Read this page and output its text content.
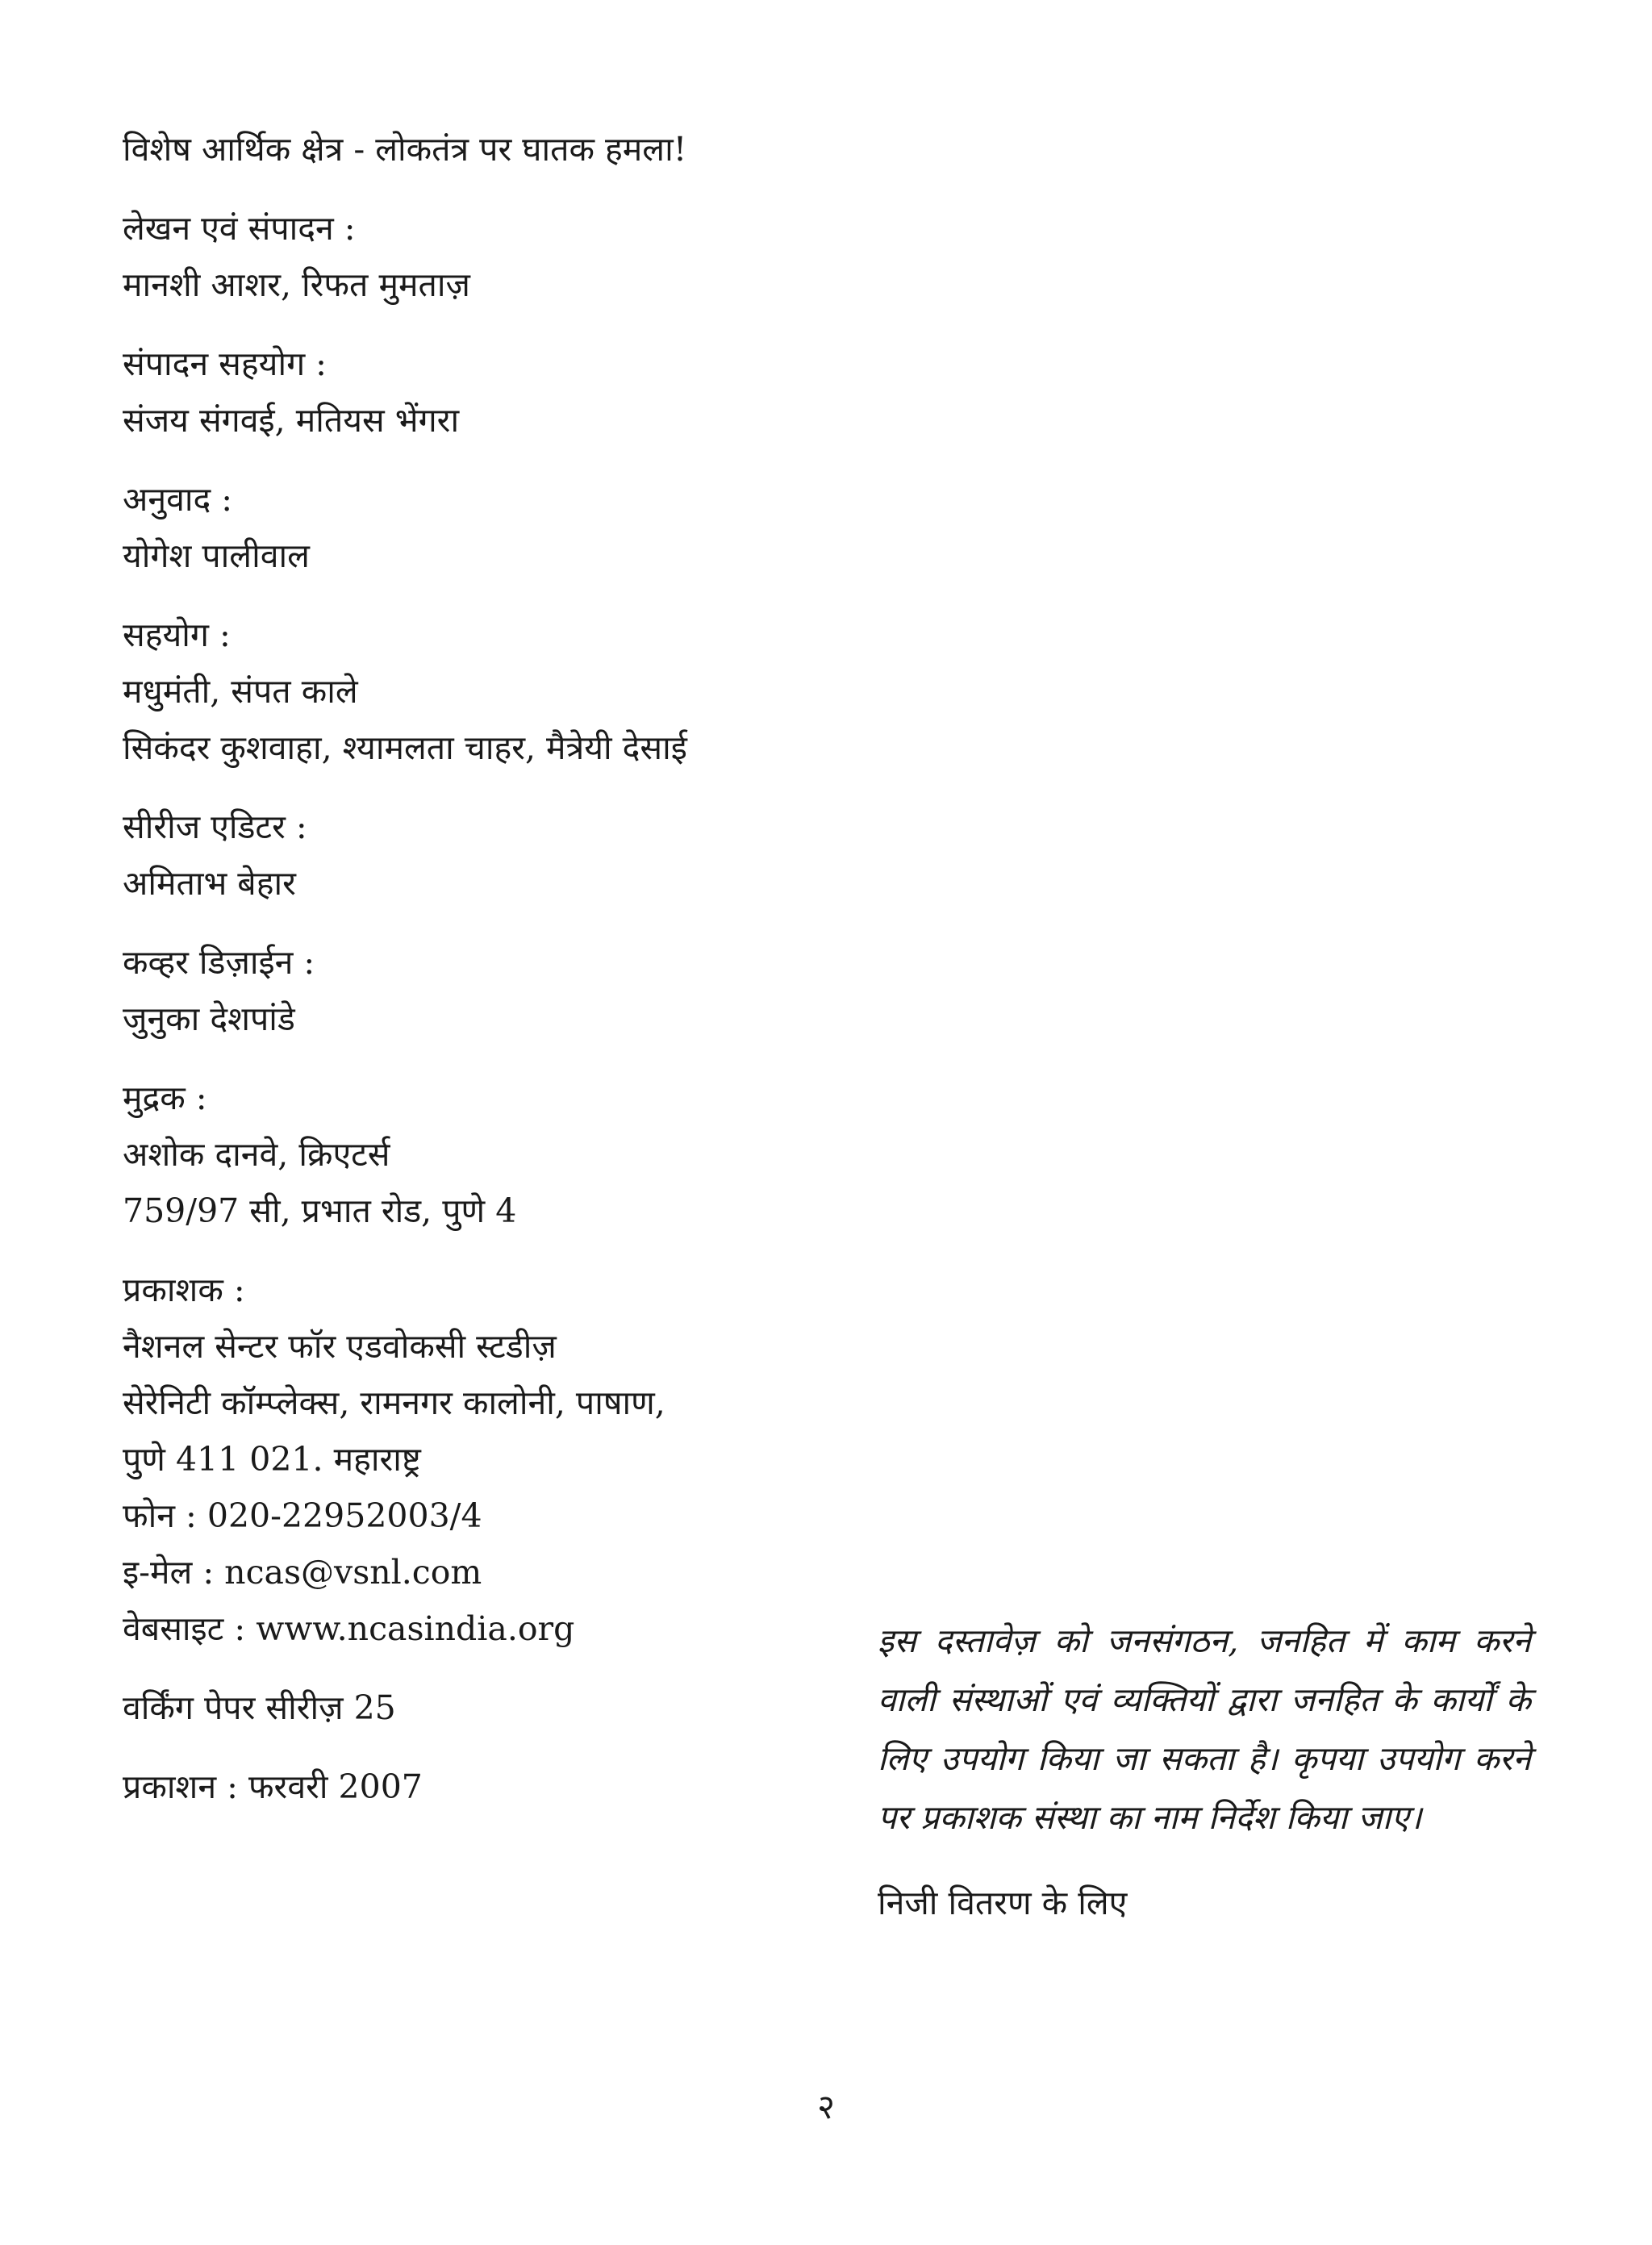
विशेष आर्थिक क्षेत्र - लोकतंत्र पर घातक हमला!
लेखन एवं संपादन :
मानशी आशर, रिफत मुमताज़
संपादन सहयोग :
संजय संगवई, मतियस भेंगरा
अनुवाद :
योगेश पालीवाल
सहयोग :
मधुमंती, संपत काले
सिकंदर कुशवाहा, श्यामलता चाहर, मैत्रेयी देसाई
सीरीज एडिटर :
अमिताभ बेहार
कव्हर डिज़ाईन :
जुनुका देशपांडे
मुद्रक :
अशोक दानवे, क्रिएटर्स
759/97 सी, प्रभात रोड, पुणे 4
प्रकाशक :
नैशनल सेन्टर फॉर एडवोकसी स्टडीज़
सेरेनिटी कॉम्प्लेक्स, रामनगर कालोनी, पाषाण,
पुणे 411 021. महाराष्ट्र
फोन : 020-22952003/4
इ-मेल : ncas@vsnl.com
वेबसाइट : www.ncasindia.org
वर्किंग पेपर सीरीज़ 25
प्रकाशन : फरवरी 2007
इस दस्तावेज़ को जनसंगठन, जनहित में काम करने वाली संस्थाओं एवं व्यक्तियों द्वारा जनहित के कार्यों के लिए उपयोग किया जा सकता है। कृपया उपयोग करने पर प्रकाशक संस्था का नाम निर्देश किया जाए।
निजी वितरण के लिए
२
